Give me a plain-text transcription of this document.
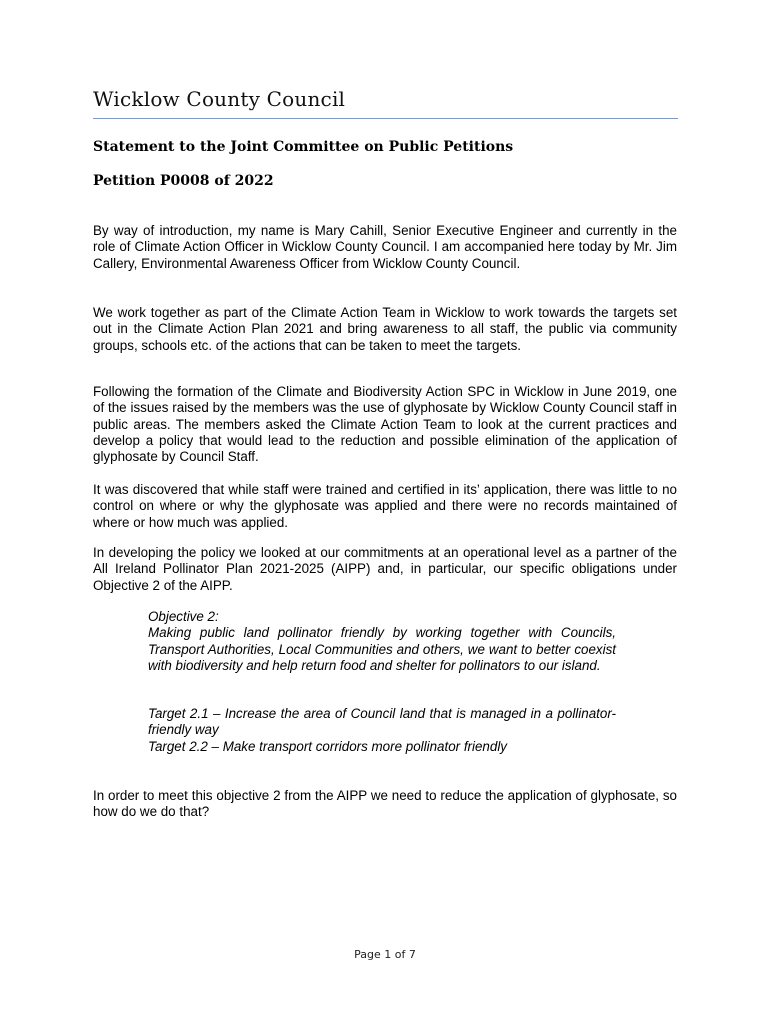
Wicklow County Council
Statement to the Joint Committee on Public Petitions
Petition P0008 of 2022

By way of introduction, my name is Mary Cahill, Senior Executive Engineer and currently in the role of Climate Action Officer in Wicklow County Council. I am accompanied here today by Mr. Jim Callery, Environmental Awareness Officer from Wicklow County Council.

We work together as part of the Climate Action Team in Wicklow to work towards the targets set out in the Climate Action Plan 2021 and bring awareness to all staff, the public via community groups, schools etc. of the actions that can be taken to meet the targets.

Following the formation of the Climate and Biodiversity Action SPC in Wicklow in June 2019, one of the issues raised by the members was the use of glyphosate by Wicklow County Council staff in public areas. The members asked the Climate Action Team to look at the current practices and develop a policy that would lead to the reduction and possible elimination of the application of glyphosate by Council Staff.

It was discovered that while staff were trained and certified in its’ application, there was little to no control on where or why the glyphosate was applied and there were no records maintained of where or how much was applied.

In developing the policy we looked at our commitments at an operational level as a partner of the All Ireland Pollinator Plan 2021-2025 (AIPP) and, in particular, our specific obligations under Objective 2 of the AIPP.

Objective 2:
Making public land pollinator friendly by working together with Councils, Transport Authorities, Local Communities and others, we want to better coexist with biodiversity and help return food and shelter for pollinators to our island.
Target 2.1 – Increase the area of Council land that is managed in a pollinator-friendly way
Target 2.2 – Make transport corridors more pollinator friendly

In order to meet this objective 2 from the AIPP we need to reduce the application of glyphosate, so how do we do that?

Page 1 of 7
